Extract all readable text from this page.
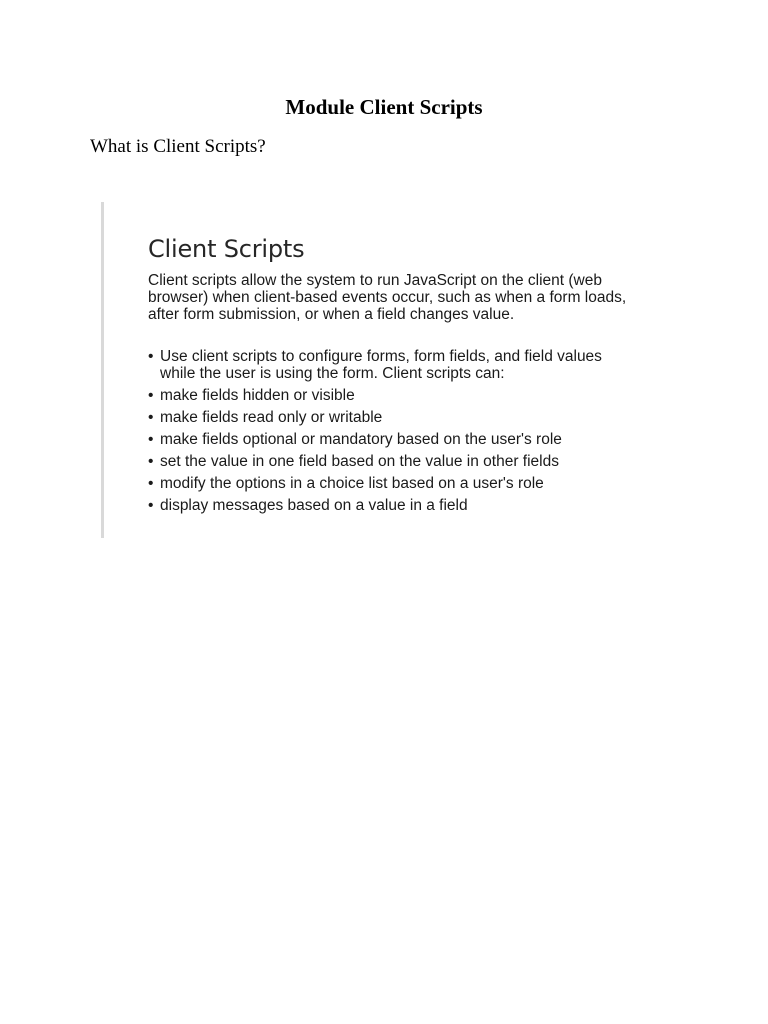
Module Client Scripts
What is Client Scripts?
Client Scripts
Client scripts allow the system to run JavaScript on the client (web browser) when client-based events occur, such as when a form loads, after form submission, or when a field changes value.
• Use client scripts to configure forms, form fields, and field values while the user is using the form. Client scripts can:
• make fields hidden or visible
• make fields read only or writable
• make fields optional or mandatory based on the user's role
• set the value in one field based on the value in other fields
• modify the options in a choice list based on a user's role
• display messages based on a value in a field
